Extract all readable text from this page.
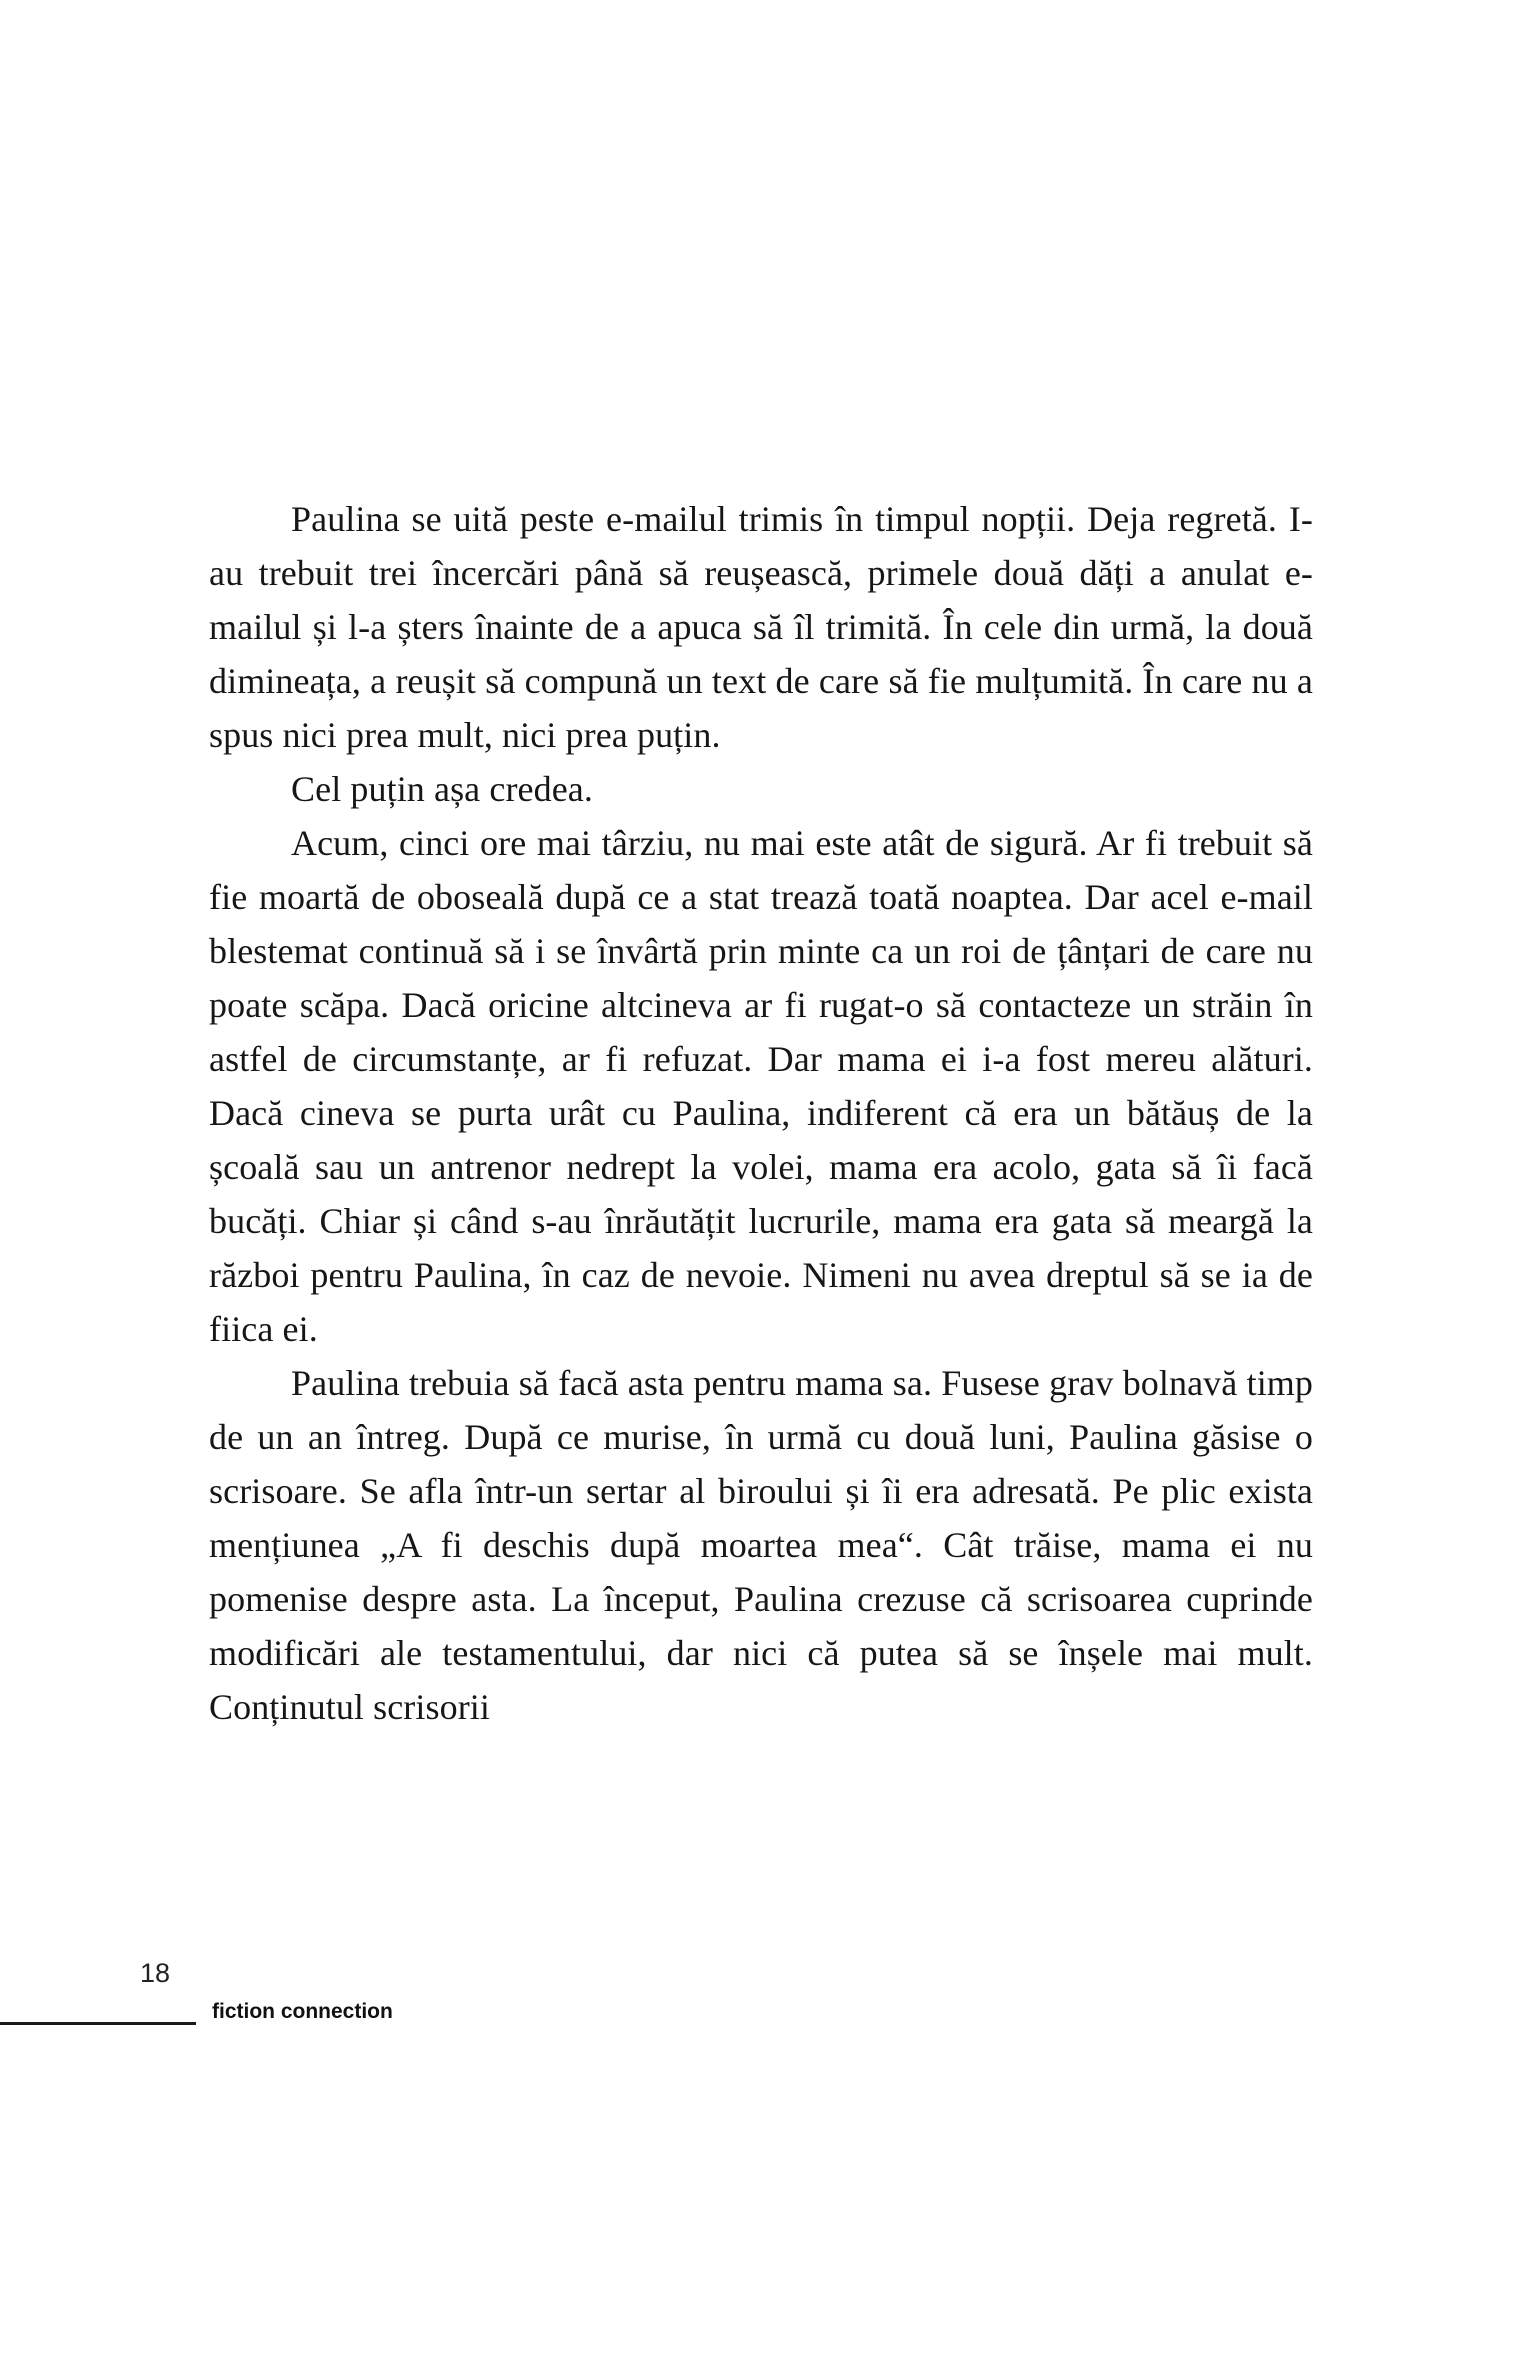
Paulina se uită peste e-mailul trimis în timpul nopții. Deja regretă. I-au trebuit trei încercări până să reușească, primele două dăți a anulat e-mailul și l-a șters înainte de a apuca să îl trimită. În cele din urmă, la două dimineața, a reușit să compună un text de care să fie mulțumită. În care nu a spus nici prea mult, nici prea puțin.

Cel puțin așa credea.

Acum, cinci ore mai târziu, nu mai este atât de sigură. Ar fi trebuit să fie moartă de oboseală după ce a stat trează toată noaptea. Dar acel e-mail blestemat continuă să i se învârtă prin minte ca un roi de țânțari de care nu poate scăpa. Dacă oricine altcineva ar fi rugat-o să contacteze un străin în astfel de circumstanțe, ar fi refuzat. Dar mama ei i-a fost mereu alături. Dacă cineva se purta urât cu Paulina, indiferent că era un bătăuș de la școală sau un antrenor nedrept la volei, mama era acolo, gata să îi facă bucăți. Chiar și când s-au înrăutățit lucrurile, mama era gata să meargă la război pentru Paulina, în caz de nevoie. Nimeni nu avea dreptul să se ia de fiica ei.

Paulina trebuia să facă asta pentru mama sa. Fusese grav bolnavă timp de un an întreg. După ce murise, în urmă cu două luni, Paulina găsise o scrisoare. Se afla într-un sertar al biroului și îi era adresată. Pe plic exista mențiunea „A fi deschis după moartea mea“. Cât trăise, mama ei nu pomenise despre asta. La început, Paulina crezuse că scrisoarea cuprinde modificări ale testamentului, dar nici că putea să se înșele mai mult. Conținutul scrisorii

18
fiction connection
